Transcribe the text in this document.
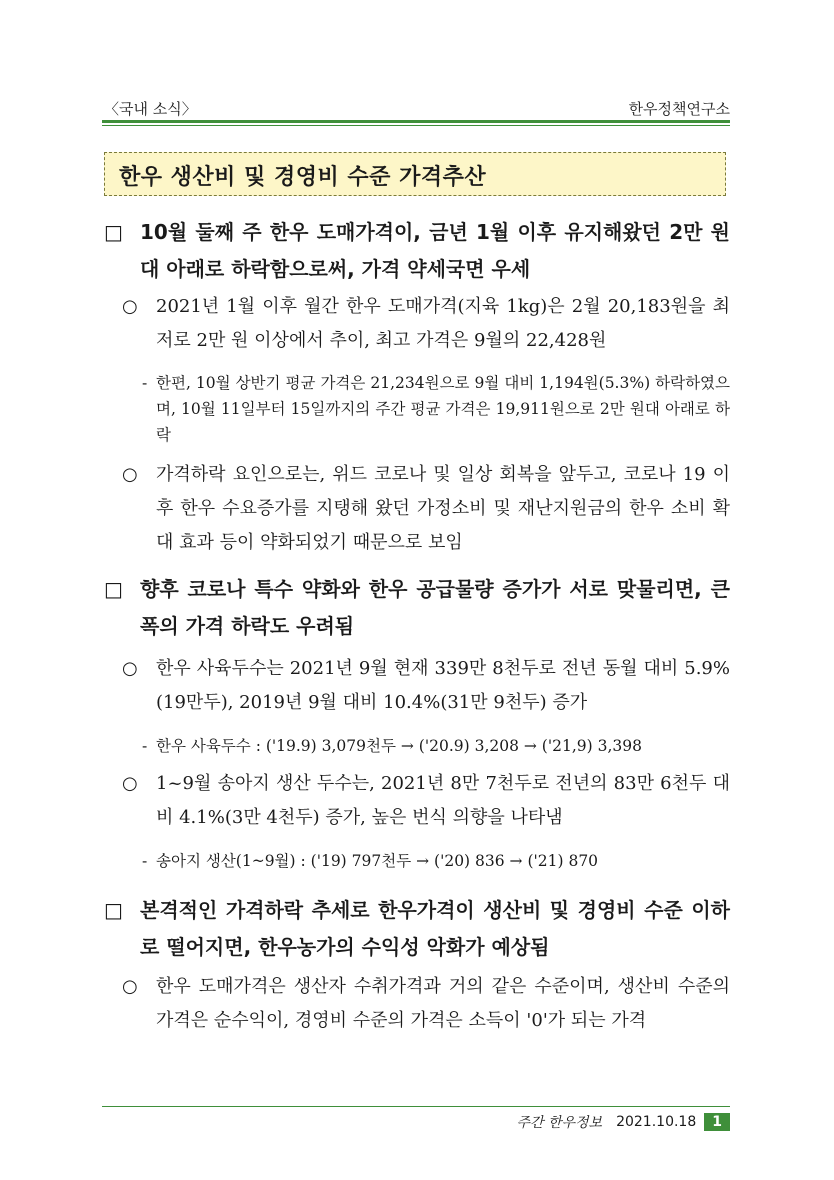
〈국내 소식〉	한우정책연구소
한우 생산비 및 경영비 수준 가격추산
□ 10월 둘째 주 한우 도매가격이, 금년 1월 이후 유지해왔던 2만 원대 아래로 하락함으로써, 가격 약세국면 우세
○	2021년 1월 이후 월간 한우 도매가격(지육 1kg)은 2월 20,183원을 최저로 2만 원 이상에서 추이, 최고 가격은 9월의 22,428원
- 한편, 10월 상반기 평균 가격은 21,234원으로 9월 대비 1,194원(5.3%) 하락하였으며, 10월 11일부터 15일까지의 주간 평균 가격은 19,911원으로 2만 원대 아래로 하락
○	가격하락 요인으로는, 위드 코로나 및 일상 회복을 앞두고, 코로나 19 이후 한우 수요증가를 지탱해 왔던 가정소비 및 재난지원금의 한우 소비 확대 효과 등이 약화되었기 때문으로 보임
□ 향후 코로나 특수 약화와 한우 공급물량 증가가 서로 맞물리면, 큰 폭의 가격 하락도 우려됨
○	한우 사육두수는 2021년 9월 현재 339만 8천두로 전년 동월 대비 5.9%(19만두), 2019년 9월 대비 10.4%(31만 9천두) 증가
- 한우 사육두수 : ('19.9) 3,079천두 → ('20.9) 3,208 → ('21,9) 3,398
○	1~9월 송아지 생산 두수는, 2021년 8만 7천두로 전년의 83만 6천두 대비 4.1%(3만 4천두) 증가, 높은 번식 의향을 나타냄
- 송아지 생산(1~9월) : ('19) 797천두 → ('20) 836 → ('21) 870
□ 본격적인 가격하락 추세로 한우가격이 생산비 및 경영비 수준 이하로 떨어지면, 한우농가의 수익성 악화가 예상됨
○	한우 도매가격은 생산자 수취가격과 거의 같은 수준이며, 생산비 수준의 가격은 순수익이, 경영비 수준의 가격은 소득이 '0'가 되는 가격
주간 한우정보 2021.10.18	1
